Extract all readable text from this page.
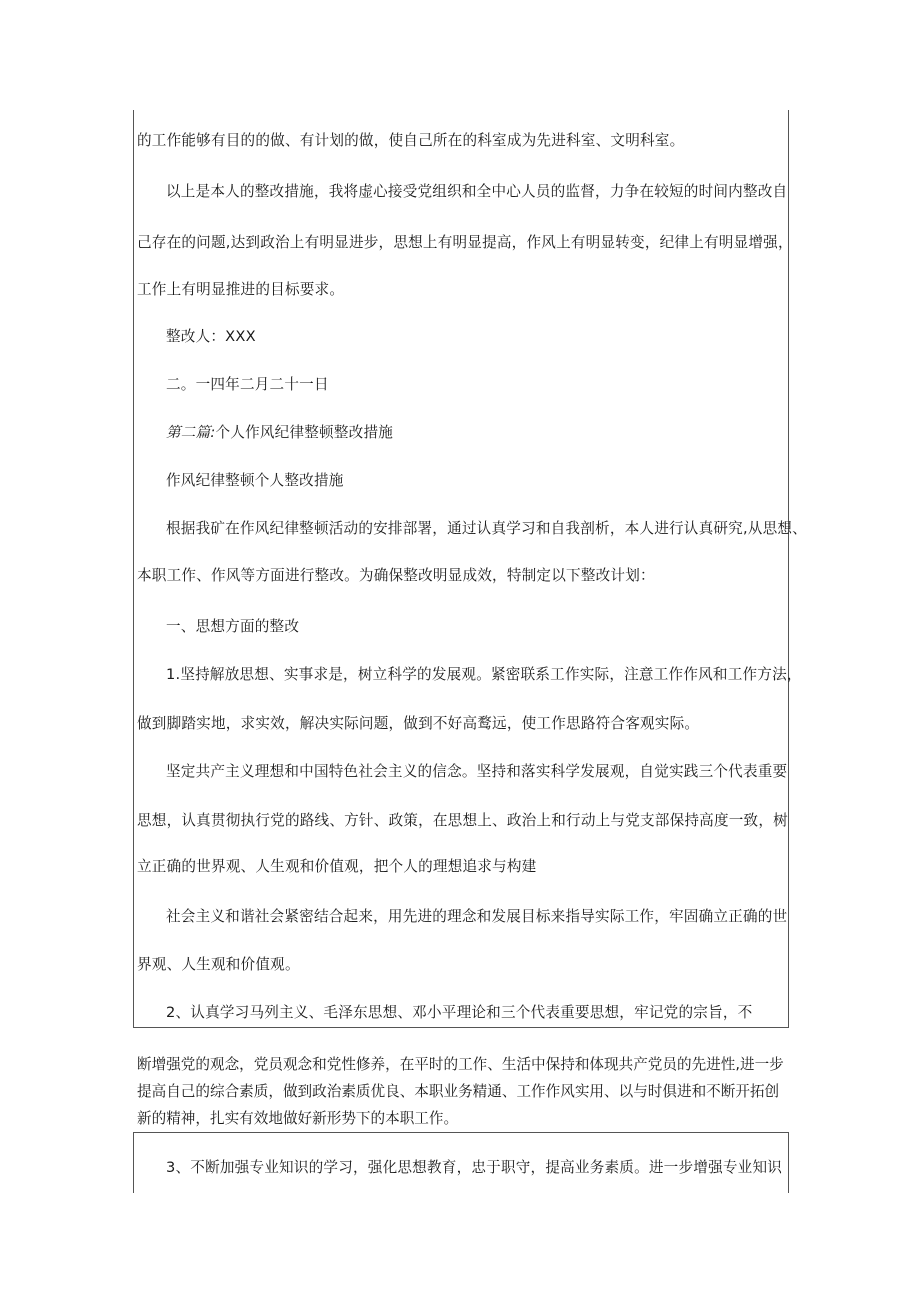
的工作能够有目的的做、有计划的做，使自己所在的科室成为先进科室、文明科室。
以上是本人的整改措施，我将虚心接受党组织和全中心人员的监督，力争在较短的时间内整改自
己存在的问题,达到政治上有明显进步，思想上有明显提高，作风上有明显转变，纪律上有明显增强，
工作上有明显推进的目标要求。
整改人：XXX
二。一四年二月二十一日
第二篇:个人作风纪律整顿整改措施
作风纪律整顿个人整改措施
根据我矿在作风纪律整顿活动的安排部署，通过认真学习和自我剖析，本人进行认真研究,从思想、
本职工作、作风等方面进行整改。为确保整改明显成效，特制定以下整改计划：
一、思想方面的整改
1.坚持解放思想、实事求是，树立科学的发展观。紧密联系工作实际，注意工作作风和工作方法，
做到脚踏实地，求实效，解决实际问题，做到不好高鹜远，使工作思路符合客观实际。
坚定共产主义理想和中国特色社会主义的信念。坚持和落实科学发展观，自觉实践三个代表重要
思想，认真贯彻执行党的路线、方针、政策，在思想上、政治上和行动上与党支部保持高度一致，树
立正确的世界观、人生观和价值观，把个人的理想追求与构建
社会主义和谐社会紧密结合起来，用先进的理念和发展目标来指导实际工作，牢固确立正确的世
界观、人生观和价值观。
2、认真学习马列主义、毛泽东思想、邓小平理论和三个代表重要思想，牢记党的宗旨，不
断增强党的观念，党员观念和党性修养，在平时的工作、生活中保持和体现共产党员的先进性,进一步
提高自己的综合素质，做到政治素质优良、本职业务精通、工作作风实用、以与时俱进和不断开拓创
新的精神，扎实有效地做好新形势下的本职工作。
3、不断加强专业知识的学习，强化思想教育，忠于职守，提高业务素质。进一步增强专业知识
